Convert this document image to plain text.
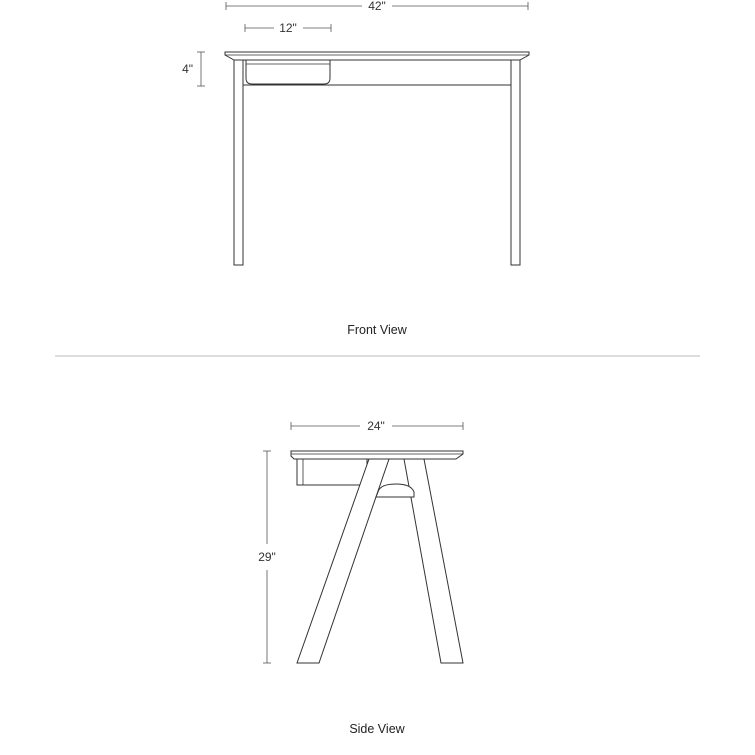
42"
12"
4"
Front View
24"
29"
Side View
